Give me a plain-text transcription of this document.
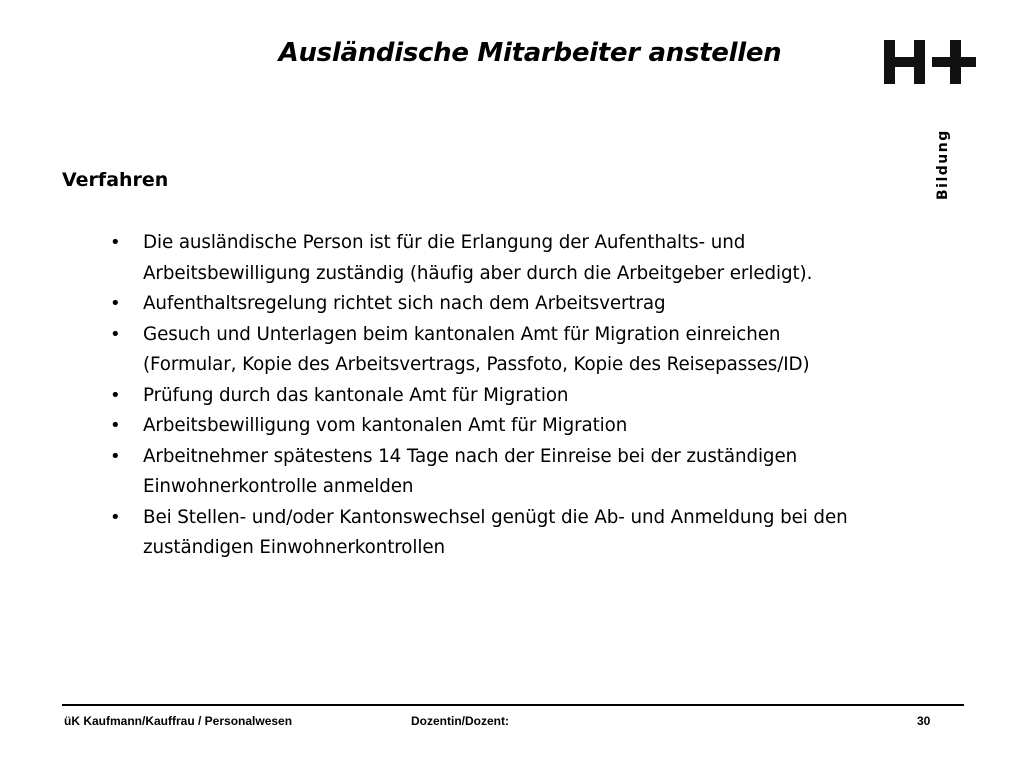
Ausländische Mitarbeiter anstellen
Bildung
Verfahren
• Die ausländische Person ist für die Erlangung der Aufenthalts- und
Arbeitsbewilligung zuständig (häufig aber durch die Arbeitgeber erledigt).
• Aufenthaltsregelung richtet sich nach dem Arbeitsvertrag
• Gesuch und Unterlagen beim kantonalen Amt für Migration einreichen
(Formular, Kopie des Arbeitsvertrags, Passfoto, Kopie des Reisepasses/ID)
• Prüfung durch das kantonale Amt für Migration
• Arbeitsbewilligung vom kantonalen Amt für Migration
• Arbeitnehmer spätestens 14 Tage nach der Einreise bei der zuständigen
Einwohnerkontrolle anmelden
• Bei Stellen- und/oder Kantonswechsel genügt die Ab- und Anmeldung bei den
zuständigen Einwohnerkontrollen
üK Kaufmann/Kauffrau / Personalwesen	Dozentin/Dozent:	30
